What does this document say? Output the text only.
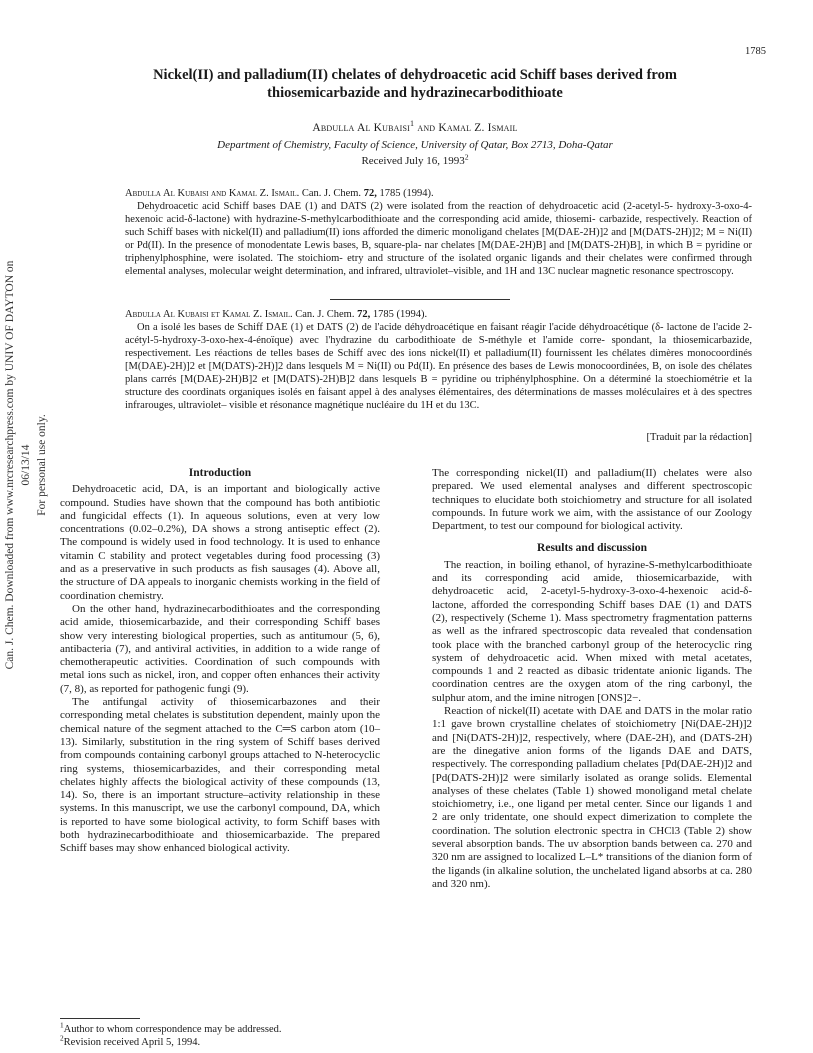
1785
Can. J. Chem. Downloaded from www.nrcresearchpress.com by UNIV OF DAYTON on 06/13/14 For personal use only.
Nickel(II) and palladium(II) chelates of dehydroacetic acid Schiff bases derived from
thiosemicarbazide and hydrazinecarbodithioate
Abdulla Al Kubaisi$^1$ and Kamal Z. Ismail
Department of Chemistry, Faculty of Science, University of Qatar, Box 2713, Doha-Qatar
Received July 16, 1993$^2$

Abdulla Al Kubaisi and Kamal Z. Ismail. Can. J. Chem. 72, 1785 (1994).

Dehydroacetic acid Schiff bases DAE (1) and DATS (2) were isolated from the reaction of dehydroacetic acid (2-acetyl-5- hydroxy-3-oxo-4-hexenoic acid-δ-lactone) with hydrazine-S-methylcarbodithioate and the corresponding acid amide, thiosemi- carbazide, respectively. Reaction of such Schiff bases with nickel(II) and palladium(II) ions afforded the dimeric monoligand chelates [M(DAE-2H)]2 and [M(DATS-2H)]2; M = Ni(II) or Pd(II). In the presence of monodentate Lewis bases, B, square-pla- nar chelates [M(DAE-2H)B] and [M(DATS-2H)B], in which B = pyridine or triphenylphosphine, were isolated. The stoichiom- etry and structure of the isolated organic ligands and their chelates were confirmed through elemental analyses, molecular weight determination, and infrared, ultraviolet–visible, and 1H and 13C nuclear magnetic resonance spectroscopy.

Abdulla Al Kubaisi et Kamal Z. Ismail. Can. J. Chem. 72, 1785 (1994).

On a isolé les bases de Schiff DAE (1) et DATS (2) de l'acide déhydroacétique en faisant réagir l'acide déhydroacétique (δ- lactone de l'acide 2-acétyl-5-hydroxy-3-oxo-hex-4-énoïque) avec l'hydrazine du carbodithioate de S-méthyle et l'amide corre- spondant, la thiosemicarbazide, respectivement. Les réactions de telles bases de Schiff avec des ions nickel(II) et palladium(II) fournissent les chélates dimères monocoordinés [M(DAE)-2H)]2 et [M(DATS)-2H)]2 dans lesquels M = Ni(II) ou Pd(II). En présence des bases de Lewis monocoordinées, B, on isole des chélates plans carrés [M(DAE)-2H)B]2 et [M(DATS)-2H)B]2 dans lesquels B = pyridine ou triphénylphosphine. On a déterminé la stoechiométrie et la structure des coordinats organiques isolés en faisant appel à des analyses élémentaires, des déterminations de masses moléculaires et à des spectres infrarouges, ultraviolet– visible et résonance magnétique nucléaire du 1H et du 13C.

[Traduit par la rédaction]
Introduction

Dehydroacetic acid, DA, is an important and biologically active compound. Studies have shown that the compound has both antibiotic and fungicidal effects (1). In aqueous solutions, even at very low concentrations (0.02–0.2%), DA shows a strong antiseptic effect (2). The compound is widely used in food technology. It is used to enhance vitamin C stability and protect vegetables during food processing (3) and as a preservative in such products as fish sausages (4). Above all, the structure of DA appeals to inorganic chemists working in the field of coordination chemistry.

On the other hand, hydrazinecarbodithioates and the corresponding acid amide, thiosemicarbazide, and their corresponding Schiff bases show very interesting biological properties, such as antitumour (5, 6), antibacteria (7), and antiviral activities, in addition to a wide range of chemotherapeutic activities. Coordination of such compounds with metal ions such as nickel, iron, and copper often enhances their activity (7, 8), as reported for pathogenic fungi (9).

The antifungal activity of thiosemicarbazones and their corresponding metal chelates is substitution dependent, mainly upon the chemical nature of the segment attached to the C═S carbon atom (10–13). Similarly, substitution in the ring system of Schiff bases derived from compounds containing carbonyl groups attached to N-heterocyclic ring systems, thiosemicarbazides, and their corresponding metal chelates highly affects the biological activity of these compounds (13, 14). So, there is an important structure–activity relationship in these systems. In this manuscript, we use the carbonyl compound, DA, which is reported to have some biological activity, to form Schiff bases with both hydrazinecarbodithioate and thiosemicarbazide. The prepared Schiff bases may show enhanced biological activity.

The corresponding nickel(II) and palladium(II) chelates were also prepared. We used elemental analyses and different spectroscopic techniques to elucidate both stoichiometry and structure for all isolated compounds. In future work we aim, with the assistance of our Zoology Department, to test our compound for biological activity.

Results and discussion

The reaction, in boiling ethanol, of hyrazine-S-methylcarbodithioate and its corresponding acid amide, thiosemicarbazide, with dehydroacetic acid, 2-acetyl-5-hydroxy-3-oxo-4-hexenoic acid-δ-lactone, afforded the corresponding Schiff bases DAE (1) and DATS (2), respectively (Scheme 1). Mass spectrometry fragmentation patterns as well as the infrared spectroscopic data revealed that condensation took place with the branched carbonyl group of the heterocyclic ring system of dehydroacetic acid. When mixed with metal acetates, compounds 1 and 2 reacted as dibasic tridentate anionic ligands. The coordination centres are the oxygen atom of the ring carbonyl, the sulphur atom, and the imine nitrogen [ONS]2−.

Reaction of nickel(II) acetate with DAE and DATS in the molar ratio 1:1 gave brown crystalline chelates of stoichiometry [Ni(DAE-2H)]2 and [Ni(DATS-2H)]2, respectively, where (DAE-2H), and (DATS-2H) are the dinegative anion forms of the ligands DAE and DATS, respectively. The corresponding palladium chelates [Pd(DAE-2H)]2 and [Pd(DATS-2H)]2 were similarly isolated as orange solids. Elemental analyses of these chelates (Table 1) showed monoligand metal chelate stoichiometry, i.e., one ligand per metal center. Since our ligands 1 and 2 are only tridentate, one should expect dimerization to complete the coordination. The solution electronic spectra in CHCl3 (Table 2) show several absorption bands. The uv absorption bands between ca. 270 and 320 nm are assigned to localized L–L* transitions of the dianion form of the ligands (in alkaline solution, the unchelated ligand absorbs at ca. 280 and 320 nm).

$^1$Author to whom correspondence may be addressed.
$^2$Revision received April 5, 1994.
